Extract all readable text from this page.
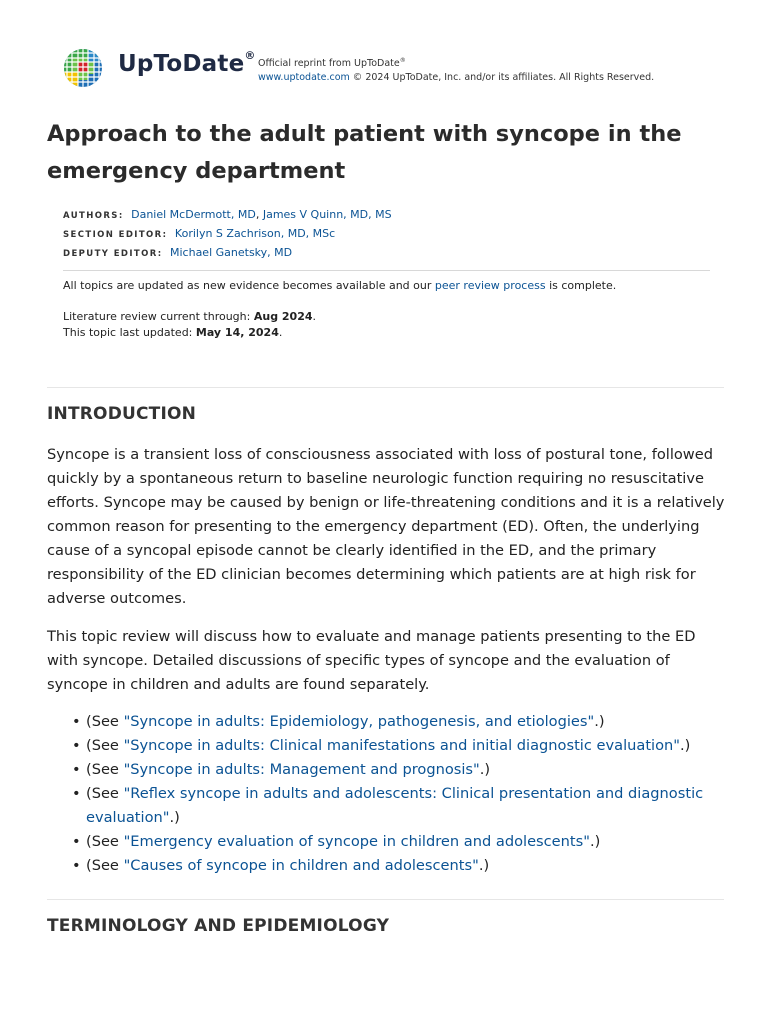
UpToDate®
Official reprint from UpToDate®
www.uptodate.com © 2024 UpToDate, Inc. and/or its affiliates. All Rights Reserved.
Approach to the adult patient with syncope in the emergency department
AUTHORS: Daniel McDermott, MD, James V Quinn, MD, MS
SECTION EDITOR: Korilyn S Zachrison, MD, MSc
DEPUTY EDITOR: Michael Ganetsky, MD
All topics are updated as new evidence becomes available and our peer review process is complete.
Literature review current through: Aug 2024.
This topic last updated: May 14, 2024.
INTRODUCTION

Syncope is a transient loss of consciousness associated with loss of postural tone, followed quickly by a spontaneous return to baseline neurologic function requiring no resuscitative efforts. Syncope may be caused by benign or life-threatening conditions and it is a relatively common reason for presenting to the emergency department (ED). Often, the underlying cause of a syncopal episode cannot be clearly identified in the ED, and the primary responsibility of the ED clinician becomes determining which patients are at high risk for adverse outcomes.

This topic review will discuss how to evaluate and manage patients presenting to the ED with syncope. Detailed discussions of specific types of syncope and the evaluation of syncope in children and adults are found separately.

• (See "Syncope in adults: Epidemiology, pathogenesis, and etiologies".)
• (See "Syncope in adults: Clinical manifestations and initial diagnostic evaluation".)
• (See "Syncope in adults: Management and prognosis".)
• (See "Reflex syncope in adults and adolescents: Clinical presentation and diagnostic evaluation".)
• (See "Emergency evaluation of syncope in children and adolescents".)
• (See "Causes of syncope in children and adolescents".)
TERMINOLOGY AND EPIDEMIOLOGY
